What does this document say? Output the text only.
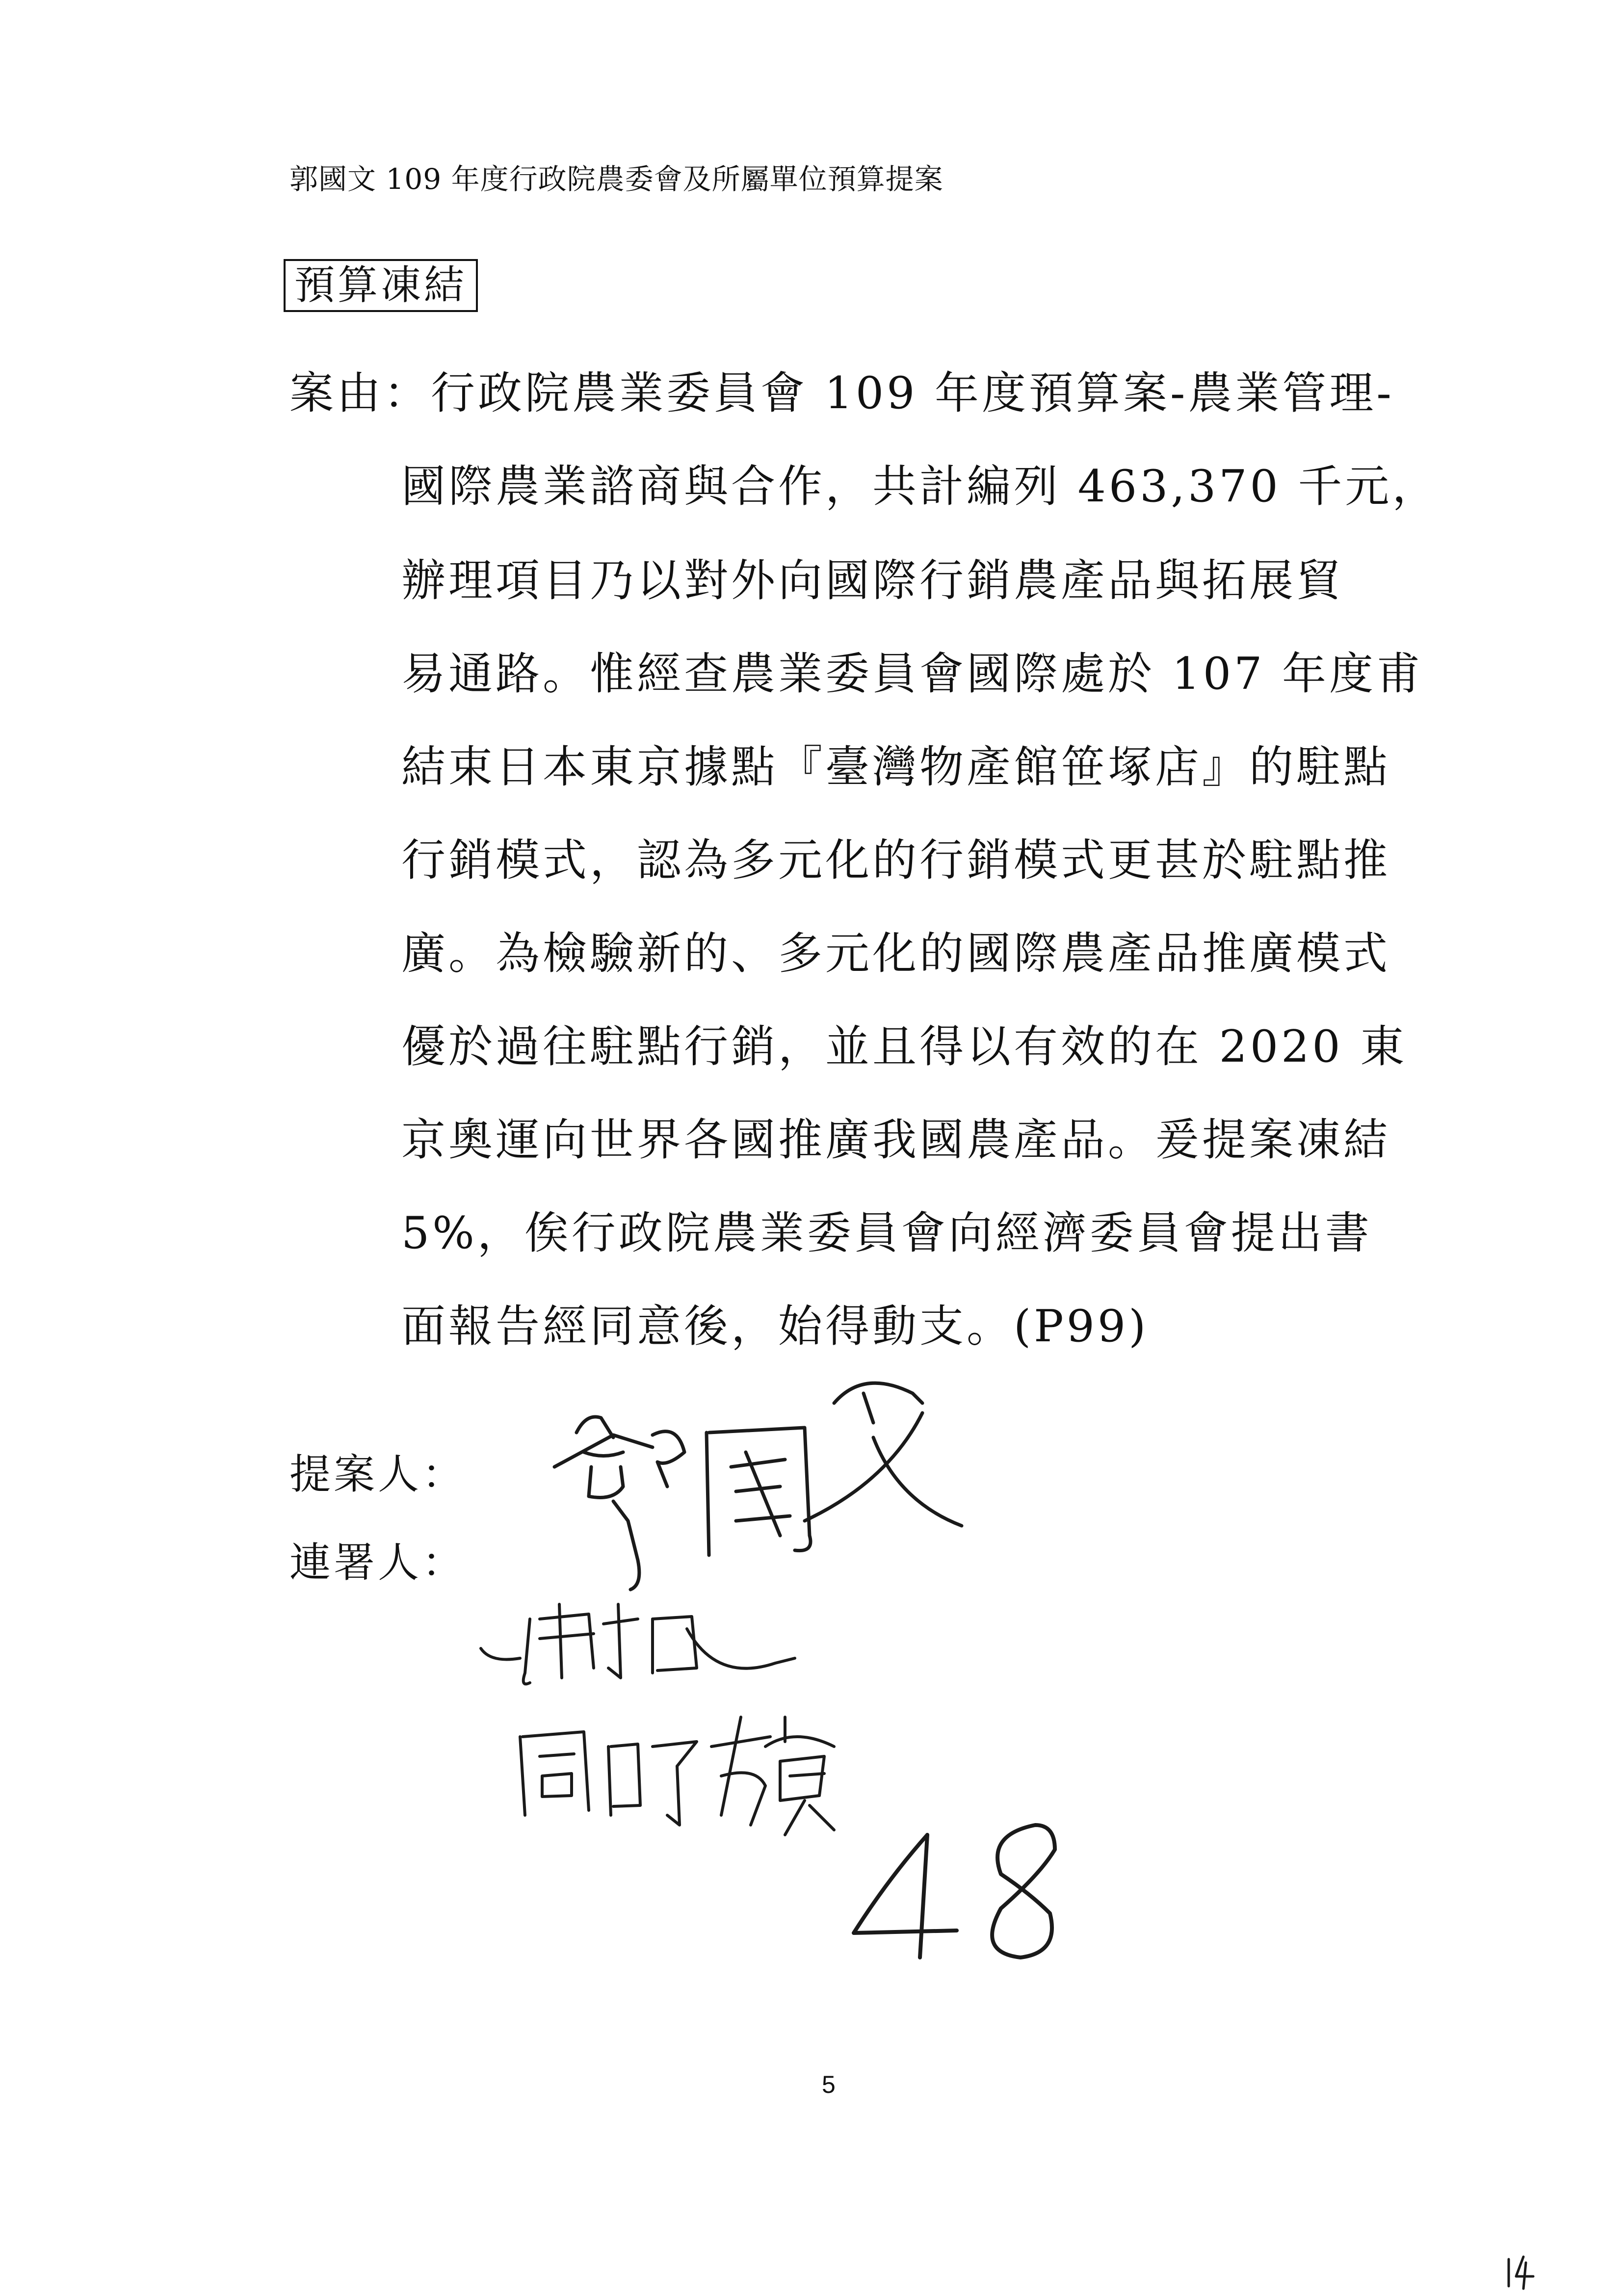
郭國文 109 年度行政院農委會及所屬單位預算提案
預算凍結
案由： 行政院農業委員會 109 年度預算案-農業管理-
國際農業諮商與合作，共計編列 463,370 千元，
辦理項目乃以對外向國際行銷農產品與拓展貿
易通路。惟經查農業委員會國際處於 107 年度甫
結束日本東京據點『臺灣物產館笹塚店』的駐點
行銷模式，認為多元化的行銷模式更甚於駐點推
廣。為檢驗新的、多元化的國際農產品推廣模式
優於過往駐點行銷，並且得以有效的在 2020 東
京奧運向世界各國推廣我國農產品。爰提案凍結
5%，俟行政院農業委員會向經濟委員會提出書
面報告經同意後，始得動支。(P99)
提案人：
連署人：
5
